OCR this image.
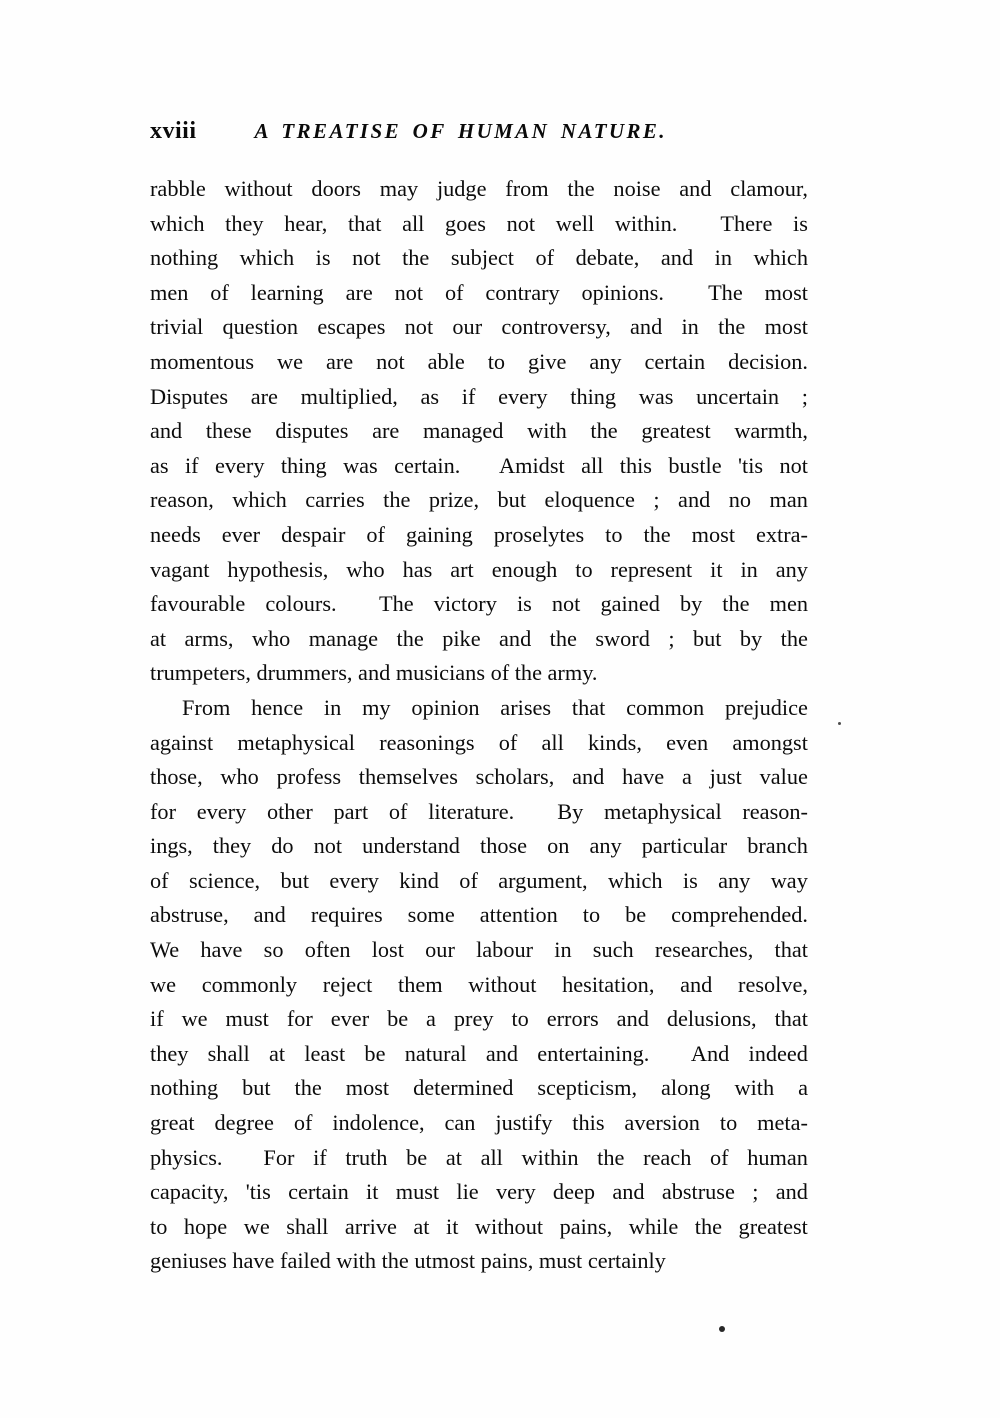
xviii	A TREATISE OF HUMAN NATURE.

rabble without doors may judge from the noise and clamour,
which they hear, that all goes not well within.  There is
nothing which is not the subject of debate, and in which
men of learning are not of contrary opinions.  The most
trivial question escapes not our controversy, and in the most
momentous we are not able to give any certain decision.
Disputes are multiplied, as if every thing was uncertain ;
and these disputes are managed with the greatest warmth,
as if every thing was certain.  Amidst all this bustle 'tis not
reason, which carries the prize, but eloquence ; and no man
needs ever despair of gaining proselytes to the most extra-
vagant hypothesis, who has art enough to represent it in any
favourable colours.  The victory is not gained by the men
at arms, who manage the pike and the sword ; but by the
trumpeters, drummers, and musicians of the army.

From hence in my opinion arises that common prejudice
against metaphysical reasonings of all kinds, even amongst
those, who profess themselves scholars, and have a just value
for every other part of literature.  By metaphysical reason-
ings, they do not understand those on any particular branch
of science, but every kind of argument, which is any way
abstruse, and requires some attention to be comprehended.
We have so often lost our labour in such researches, that
we commonly reject them without hesitation, and resolve,
if we must for ever be a prey to errors and delusions, that
they shall at least be natural and entertaining.  And indeed
nothing but the most determined scepticism, along with a
great degree of indolence, can justify this aversion to meta-
physics.  For if truth be at all within the reach of human
capacity, 'tis certain it must lie very deep and abstruse ; and
to hope we shall arrive at it without pains, while the greatest
geniuses have failed with the utmost pains, must certainly
